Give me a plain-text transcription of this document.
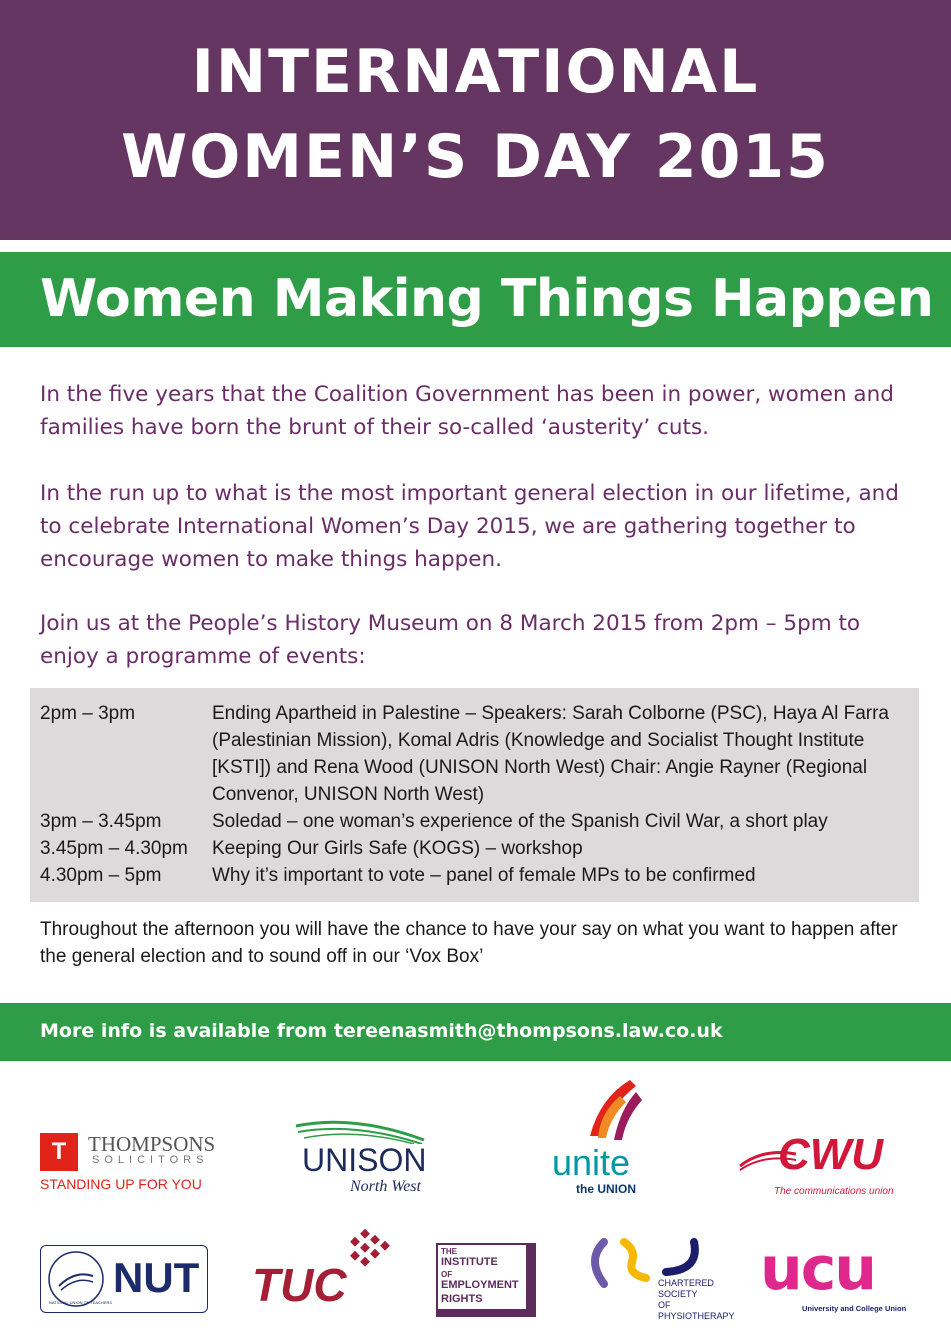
INTERNATIONAL
WOMEN’S DAY 2015
Women Making Things Happen
In the five years that the Coalition Government has been in power, women and families have born the brunt of their so-called ‘austerity’ cuts.
In the run up to what is the most important general election in our lifetime, and to celebrate International Women’s Day 2015, we are gathering together to encourage women to make things happen.
Join us at the People’s History Museum on 8 March 2015 from 2pm – 5pm to enjoy a programme of events:
2pm – 3pm	Ending Apartheid in Palestine – Speakers: Sarah Colborne (PSC), Haya Al Farra (Palestinian Mission), Komal Adris (Knowledge and Socialist Thought Institute [KSTI]) and Rena Wood (UNISON North West) Chair: Angie Rayner (Regional Convenor, UNISON North West)
3pm – 3.45pm	Soledad – one woman’s experience of the Spanish Civil War, a short play
3.45pm – 4.30pm	Keeping Our Girls Safe (KOGS) – workshop
4.30pm – 5pm	Why it’s important to vote – panel of female MPs to be confirmed
Throughout the afternoon you will have the chance to have your say on what you want to happen after the general election and to sound off in our ‘Vox Box’
More info is available from tereenasmith@thompsons.law.co.uk
T	THOMPSONS
SOLICITORS
STANDING UP FOR YOU
UNISON
North West
unite
the UNION
CWU
The communications union
NATIONAL UNION OF TEACHERS
NUT TUC
THE
INSTITUTE
OF
EMPLOYMENT
RIGHTS
CHARTERED
SOCIETY
OF
PHYSIOTHERAPY
ucu
University and College Union
